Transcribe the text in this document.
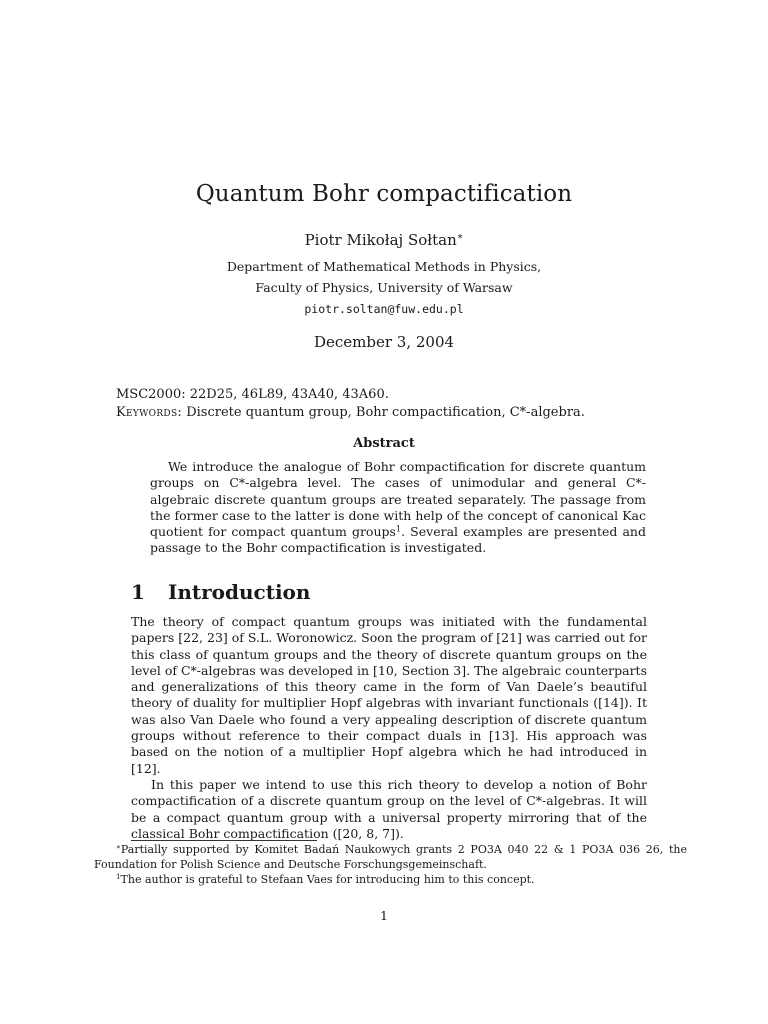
Quantum Bohr compactification
Piotr Mikołaj Sołtan∗
Department of Mathematical Methods in Physics,
Faculty of Physics, University of Warsaw
piotr.soltan@fuw.edu.pl
December 3, 2004
MSC2000: 22D25, 46L89, 43A40, 43A60.
Keywords: Discrete quantum group, Bohr compactification, C*-algebra.
Abstract

We introduce the analogue of Bohr compactification for discrete quantum groups on C*-algebra level. The cases of unimodular and general C*-algebraic discrete quantum groups are treated separately. The passage from the former case to the latter is done with help of the concept of canonical Kac quotient for compact quantum groups$^1$. Several examples are presented and passage to the Bohr compactification is investigated.

1 Introduction

The theory of compact quantum groups was initiated with the fundamental papers [22, 23] of S.L. Woronowicz. Soon the program of [21] was carried out for this class of quantum groups and the theory of discrete quantum groups on the level of C*-algebras was developed in [10, Section 3]. The algebraic counterparts and generalizations of this theory came in the form of Van Daele’s beautiful theory of duality for multiplier Hopf algebras with invariant functionals ([14]). It was also Van Daele who found a very appealing description of discrete quantum groups without reference to their compact duals in [13]. His approach was based on the notion of a multiplier Hopf algebra which he had introduced in [12].

In this paper we intend to use this rich theory to develop a notion of Bohr compactification of a discrete quantum group on the level of C*-algebras. It will be a compact quantum group with a universal property mirroring that of the classical Bohr compactification ([20, 8, 7]).

∗Partially supported by Komitet Badań Naukowych grants 2 PO3A 040 22 & 1 PO3A 036 26, the Foundation for Polish Science and Deutsche Forschungsgemeinschaft.

$^1$The author is grateful to Stefaan Vaes for introducing him to this concept.

1
